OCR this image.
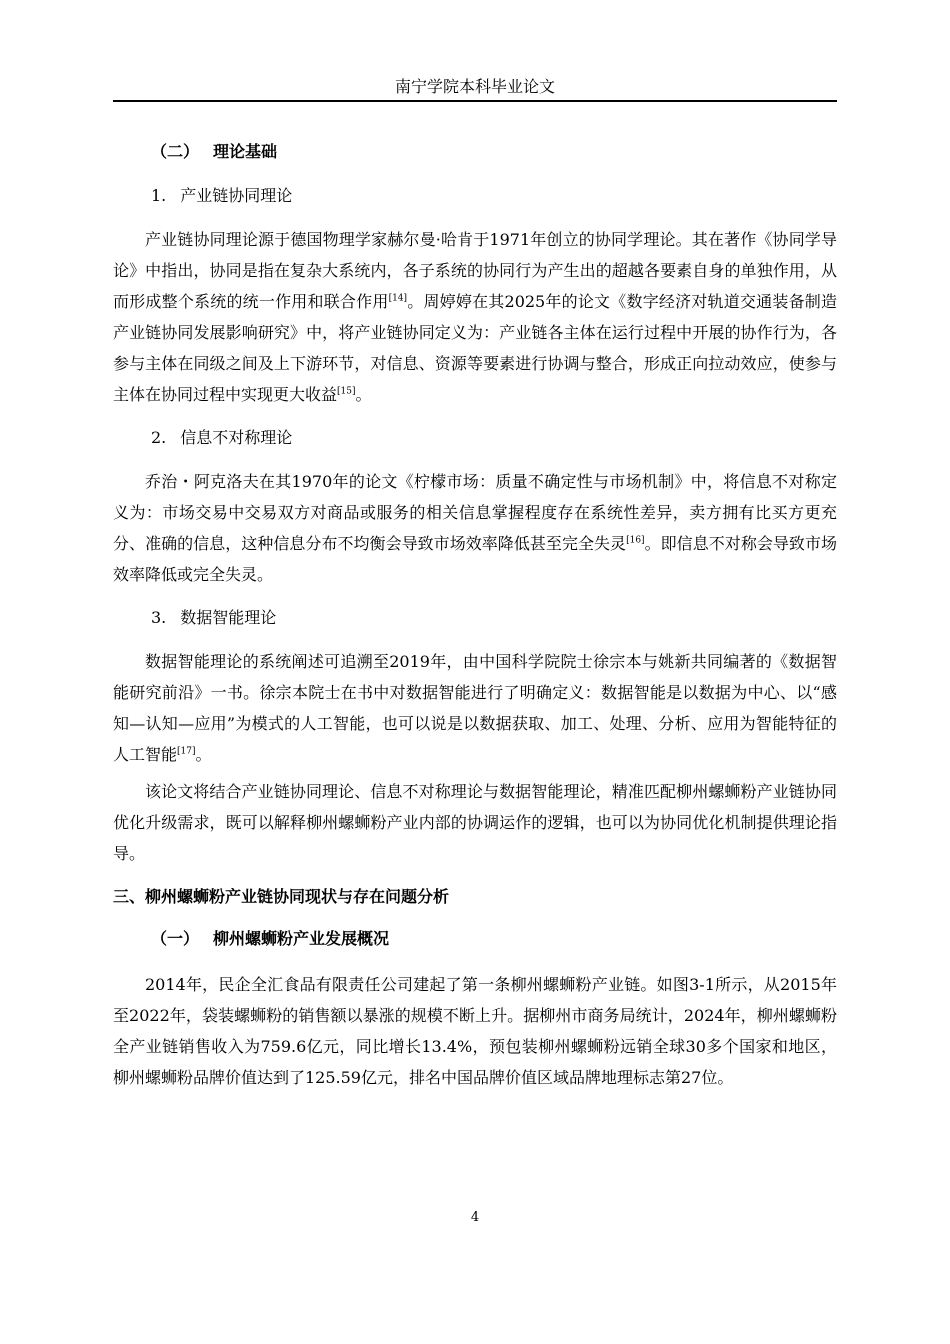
南宁学院本科毕业论文
（二） 理论基础
1. 产业链协同理论

产业链协同理论源于德国物理学家赫尔曼·哈肯于1971年创立的协同学理论。其在著作《协同学导论》中指出，协同是指在复杂大系统内，各子系统的协同行为产生出的超越各要素自身的单独作用，从而形成整个系统的统一作用和联合作用[14]。周婷婷在其2025年的论文《数字经济对轨道交通装备制造产业链协同发展影响研究》中，将产业链协同定义为：产业链各主体在运行过程中开展的协作行为，各参与主体在同级之间及上下游环节，对信息、资源等要素进行协调与整合，形成正向拉动效应，使参与主体在协同过程中实现更大收益[15]。

2. 信息不对称理论

乔治・阿克洛夫在其1970年的论文《柠檬市场：质量不确定性与市场机制》中，将信息不对称定义为：市场交易中交易双方对商品或服务的相关信息掌握程度存在系统性差异，卖方拥有比买方更充分、准确的信息，这种信息分布不均衡会导致市场效率降低甚至完全失灵[16]。即信息不对称会导致市场效率降低或完全失灵。

3. 数据智能理论

数据智能理论的系统阐述可追溯至2019年，由中国科学院院士徐宗本与姚新共同编著的《数据智能研究前沿》一书。徐宗本院士在书中对数据智能进行了明确定义：数据智能是以数据为中心、以“感知—认知—应用”为模式的人工智能，也可以说是以数据获取、加工、处理、分析、应用为智能特征的人工智能[17]。

该论文将结合产业链协同理论、信息不对称理论与数据智能理论，精准匹配柳州螺蛳粉产业链协同优化升级需求，既可以解释柳州螺蛳粉产业内部的协调运作的逻辑，也可以为协同优化机制提供理论指导。

三、柳州螺蛳粉产业链协同现状与存在问题分析
（一） 柳州螺蛳粉产业发展概况

2014年，民企全汇食品有限责任公司建起了第一条柳州螺蛳粉产业链。如图3-1所示，从2015年至2022年，袋装螺蛳粉的销售额以暴涨的规模不断上升。据柳州市商务局统计，2024年，柳州螺蛳粉全产业链销售收入为759.6亿元，同比增长13.4%，预包装柳州螺蛳粉远销全球30多个国家和地区，柳州螺蛳粉品牌价值达到了125.59亿元，排名中国品牌价值区域品牌地理标志第27位。

4
